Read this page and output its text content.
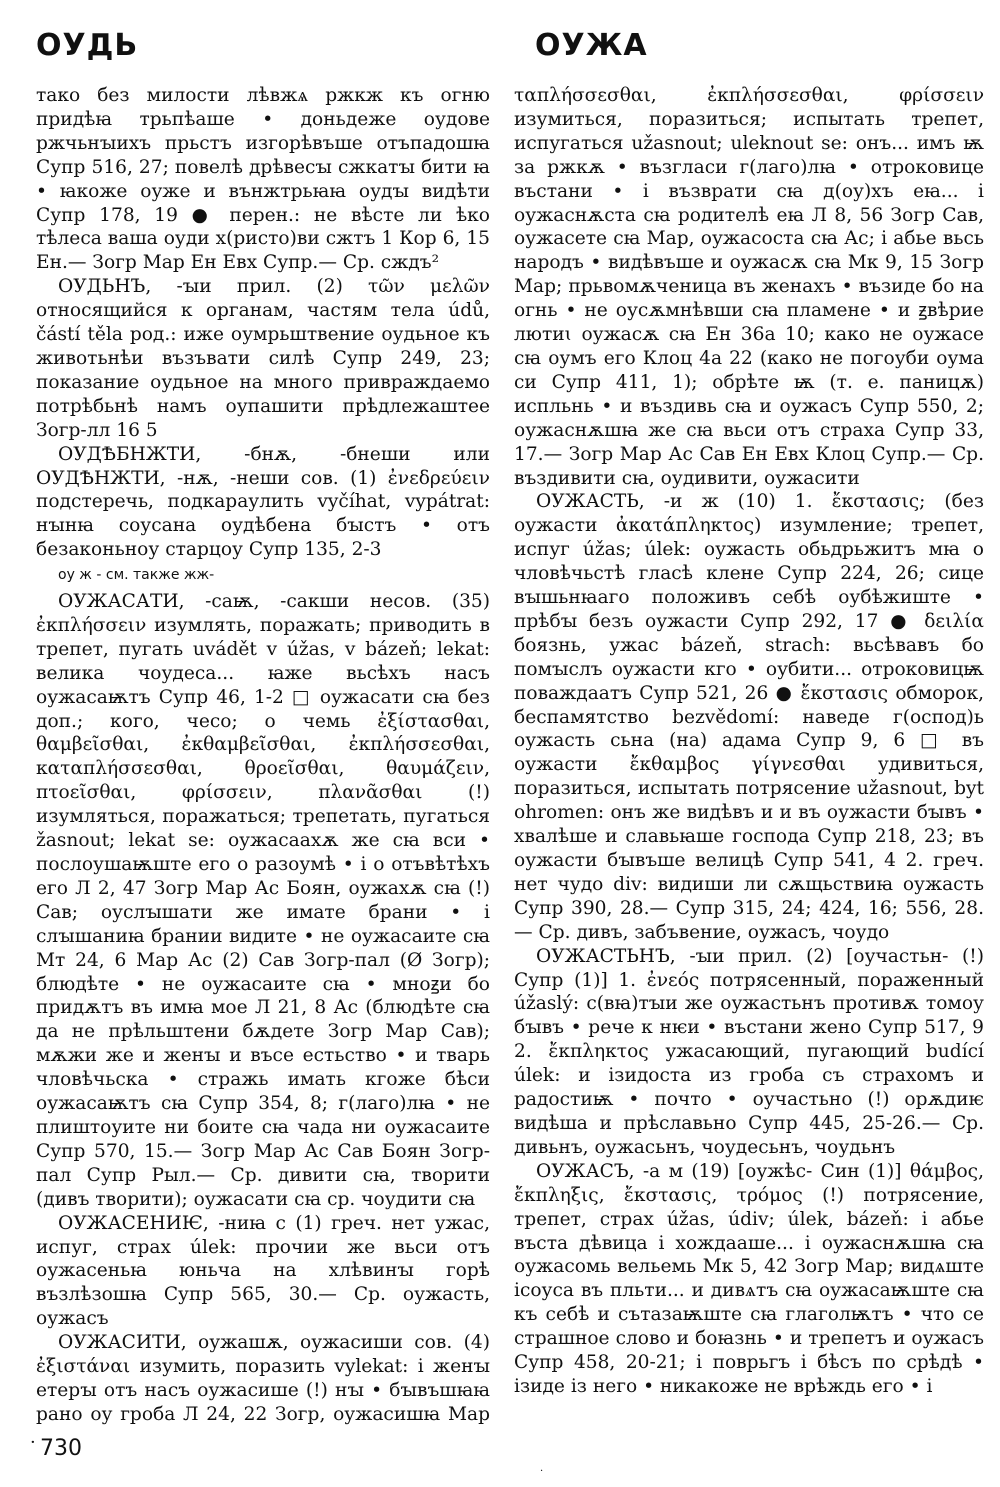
ОУДЬ	ОУЖА

тако без милости лѣвжѧ ржкж къ огню придѣꙗ трьпѣаше • доньдеже оудове ржчьнꙑихъ прьстъ изгорѣвъше отъпадошꙗ Супр 516, 27; повелѣ дрѣвесꙑ сжкатꙑ бити ꙗ • ꙗкоже оуже и вънжтрьꙗꙗ оудꙑ видѣти Супр 178, 19 ● перен.: не вѣсте ли ѣко тѣлеса ваша оуди х(ристо)ви сжтъ 1 Кор 6, 15 Ен.— Зогр Мар Ен Евх Супр.— Ср. сждъ²

ОУДЬНЪ, -ꙑи прил. (2) τῶν μελῶν относящийся к органам, частям тела údů, částí těla род.: иже оумрьштвение оудьное къ животьнѣи възъвати силѣ Супр 249, 23; показание оудьное на много привраждаемо потрѣбьнѣ намъ оупашити прѣдлежаштее Зогр-лл 16 5

ОУДѢБНЖТИ, -бнѫ, -бнеши или ОУДѢНЖТИ, -нѫ, -неши сов. (1) ἐνεδρεύειν подстеречь, подкараулить vyčíhat, vypátrat: нꙑнꙗ соусана оудѣбена бꙑстъ • отъ безаконьноу старцоу Супр 135, 2-3

оу ж - см. также жж-

ОУЖАСАТИ, -саѭ, -сакши несов. (35) ἐκπλήσσειν изумлять, поражать; приводить в трепет, пугать uvádět v úžas, v bázeň; lekat: велика чоудеса... ꙗже вьсѣхъ насъ оужасаѭтъ Супр 46, 1-2 □ оужасати сꙗ без доп.; кого, чесо; о чемь ἐξίστασθαι, θαμβεῖσθαι, ἐκθαμβεῖσθαι, ἐκπλήσσεσθαι, καταπλήσσεσθαι, θροεῖσθαι, θαυμάζειν, πτοεῖσθαι, φρίσσειν, πλανᾶσθαι (!) изумляться, поражаться; трепетать, пугаться žasnout; lekat se: оужасаахѫ же сꙗ вси • послоушаѭште его о разоумѣ • і о отъвѣтѣхъ его Л 2, 47 Зогр Мар Ас Боян, оужахѫ сꙗ (!) Сав; оуслꙑшати же имате брани • і слꙑшаниꙗ брании видите • не оужасаите сꙗ Мт 24, 6 Мар Ас (2) Сав Зогр-пал (Ø Зогр); блюдѣте • не оужасаите сꙗ • мноꙃи бо придѫтъ въ имꙗ мое Л 21, 8 Ас (блюдѣте сꙗ да не прѣльштени бѫдете Зогр Мар Сав); мѫжи же и женꙑ и въсе естьство • и тварь чловѣчьска • стражь имать кгоже бѣси оужасаѭтъ сꙗ Супр 354, 8; г(лаго)лꙗ • не плиштоуите ни боите сꙗ чада ни оужасаите Супр 570, 15.— Зогр Мар Ас Сав Боян Зогр-пал Супр Рыл.— Ср. дивити сꙗ, творити (дивъ творити); оужасати сꙗ ср. чоудити сꙗ

ОУЖАСЕНИѤ, -ниꙗ с (1) греч. нет ужас, испуг, страх úlek: прочии же вьси отъ оужасеньꙗ юньча на хлѣвинꙑ горѣ възлѣзошꙗ Супр 565, 30.— Ср. оужасть, оужасъ

ОУЖАСИТИ, оужашѫ, оужасиши сов. (4) ἐξιστάναι изумить, поразить vylekat: і женꙑ етерꙑ отъ насъ оужасише (!) нꙑ • бꙑвъшꙗꙗ рано оу гроба Л 24, 22 Зогр, оужасишꙗ Мар

ταπλήσσεσθαι, ἐκπλήσσεσθαι, φρίσσειν изумиться, поразиться; испытать трепет, испугаться užasnout; uleknout se: онъ... имъ ѭ за ржкѫ • възгласи г(лаго)лꙗ • отроковице въстани • і възврати сꙗ д(оу)хъ еꙗ... і оужаснѫста сꙗ родителѣ еꙗ Л 8, 56 Зогр Сав, оужасете сꙗ Мар, оужасоста сꙗ Ас; і абье вьсь народъ • видѣвъше и оужасѫ сꙗ Мк 9, 15 Зогр Мар; прьвомѫченица въ женахъ • възиде бо на огнь • не оусѫмнѣвши сꙗ пламене • и ꙃвѣрие лютиꙇ оужасѫ сꙗ Ен 36а 10; како не оужасе сꙗ оумъ его Клоц 4а 22 (како не погоуби оума си Супр 411, 1); обрѣте ѭ (т. е. паницѫ) испльнь • и въздивь сꙗ и оужасъ Супр 550, 2; оужаснѫшꙗ же сꙗ вьси отъ страха Супр 33, 17.— Зогр Мар Ас Сав Ен Евх Клоц Супр.— Ср. въздивити сꙗ, оудивити, оужасити

ОУЖАСТЬ, -и ж (10) 1. ἔκστασις; (без оужасти ἀκατάπληκτος) изумление; трепет, испуг úžas; úlek: оужасть обьдрьжитъ мꙗ о чловѣчьстѣ гласѣ клене Супр 224, 26; сице вꙑшьнꙗаго положивъ себѣ оубѣжиште • прѣбꙑ безъ оужасти Супр 292, 17 ● δειλία боязнь, ужас bázeň, strach: вьсѣвавъ бо помꙑслъ оужасти кго • оубити... отроковицѭ поваждаатъ Супр 521, 26 ● ἔκστασις обморок, беспамятство bezvědomí: наведе г(оспод)ь оужасть сьна (на) адама Супр 9, 6 □ въ оужасти ἔκθαμβος γίγνεσθαι удивиться, поразиться, испытать потрясение užasnout, byt ohromen: онъ же видѣвъ и и въ оужасти бꙑвъ • хвалѣше и славьꙗше господа Супр 218, 23; въ оужасти бꙑвъше велицѣ Супр 541, 4 2. греч. нет чудо div: видиши ли сѫщьствиꙗ оужасть Супр 390, 28.— Супр 315, 24; 424, 16; 556, 28.— Ср. дивъ, забъвение, оужасъ, чоудо

ОУЖАСТЬНЪ, -ꙑи прил. (2) [оучастьн- (!) Супр (1)] 1. ἐνεός потрясенный, пораженный úžaslý: с(вꙗ)тꙑи же оужастьнъ противѫ томоу бꙑвъ • рече к нѥи • въстани жено Супр 517, 9 2. ἔκπληκτος ужасающий, пугающий budící úlek: и ізидоста из гроба съ страхомъ и радостиѭ • почто • оучастьно (!) орѫдиѥ видѣша и прѣславьно Супр 445, 25-26.— Ср. дивьнъ, оужасьнъ, чоудесьнъ, чоудьнъ

ОУЖАСЪ, -а м (19) [оужѣс- Син (1)] θάμβος, ἔκπληξις, ἔκστασις, τρόμος (!) потрясение, трепет, страх úžas, údiv; úlek, bázeň: і абье въста дѣвица і хождааше... і оужаснѫшꙗ сꙗ оужасомь вельемь Мк 5, 42 Зогр Мар; видѧште ісоуса въ пльти... и дивѧтъ сꙗ оужасаѭште сꙗ къ себѣ и сътазаѭште сꙗ глаголѭтъ • что се страшное слово и боꙗзнь • и трепетъ и оужасъ Супр 458, 20-21; і поврьгъ і бѣсъ по срѣдѣ • ізиде із него • никакоже не врѣждь его • і

· 730
·
